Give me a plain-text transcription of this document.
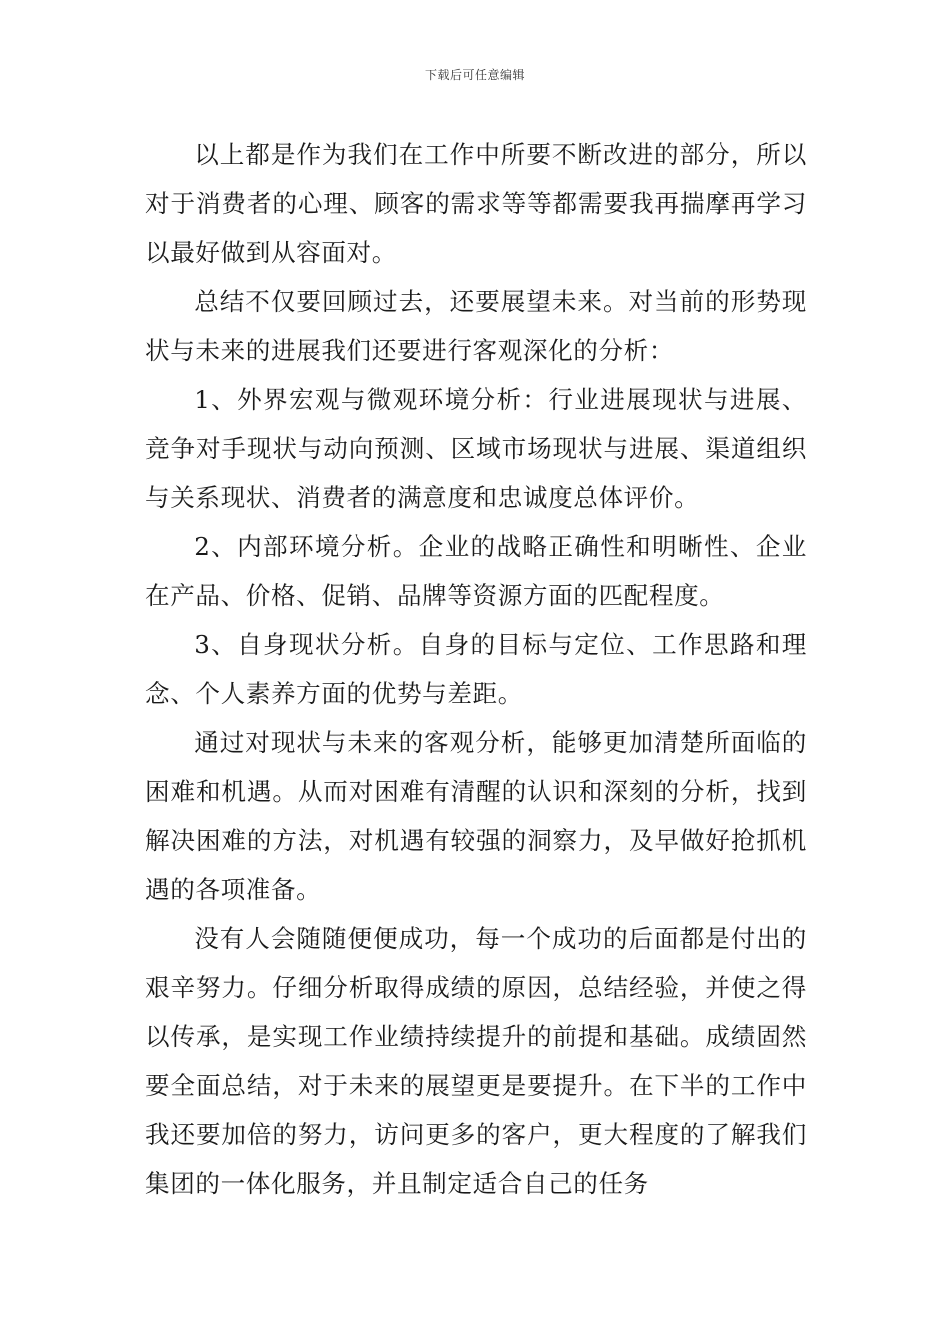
下载后可任意编辑

以上都是作为我们在工作中所要不断改进的部分，所以对于消费者的心理、顾客的需求等等都需要我再揣摩再学习以最好做到从容面对。

总结不仅要回顾过去，还要展望未来。对当前的形势现状与未来的进展我们还要进行客观深化的分析：

1、外界宏观与微观环境分析：行业进展现状与进展、竞争对手现状与动向预测、区域市场现状与进展、渠道组织与关系现状、消费者的满意度和忠诚度总体评价。

2、内部环境分析。企业的战略正确性和明晰性、企业在产品、价格、促销、品牌等资源方面的匹配程度。

3、自身现状分析。自身的目标与定位、工作思路和理念、个人素养方面的优势与差距。

通过对现状与未来的客观分析，能够更加清楚所面临的困难和机遇。从而对困难有清醒的认识和深刻的分析，找到解决困难的方法，对机遇有较强的洞察力，及早做好抢抓机遇的各项准备。

没有人会随随便便成功，每一个成功的后面都是付出的艰辛努力。仔细分析取得成绩的原因，总结经验，并使之得以传承，是实现工作业绩持续提升的前提和基础。成绩固然要全面总结，对于未来的展望更是要提升。在下半的工作中我还要加倍的努力，访问更多的客户，更大程度的了解我们集团的一体化服务，并且制定适合自己的任务
